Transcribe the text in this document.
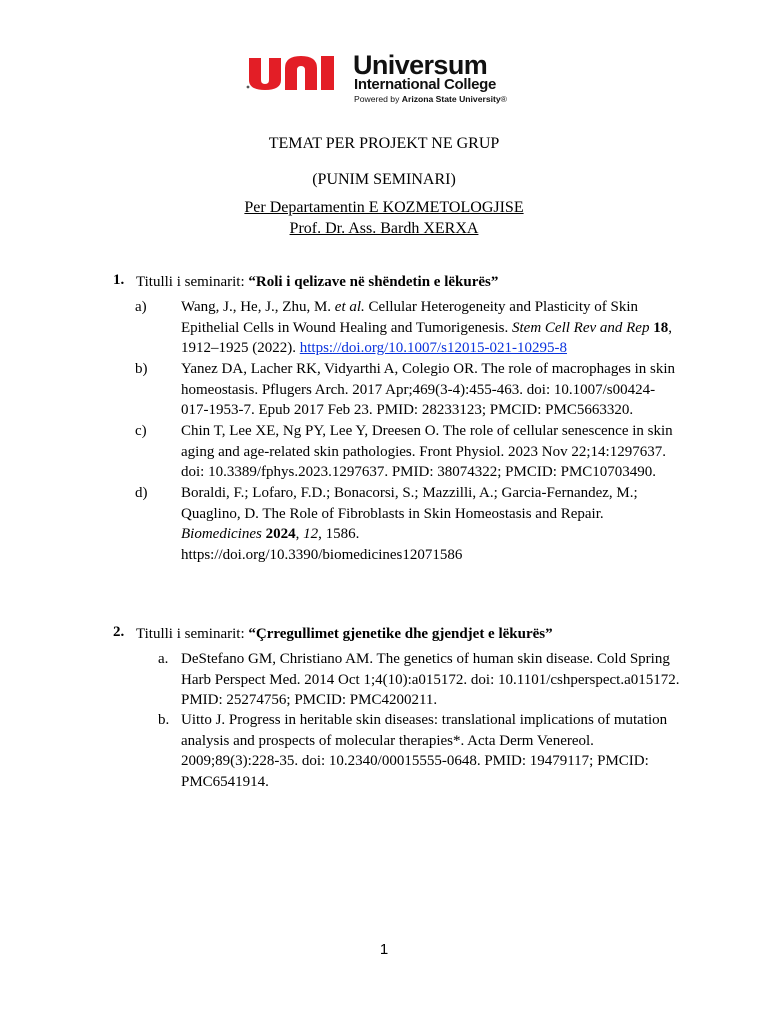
Universum
International College
Powered by Arizona State University®
TEMAT PER PROJEKT NE GRUP
(PUNIM SEMINARI)
Per Departamentin E KOZMETOLOGJISE
Prof. Dr. Ass. Bardh XERXA
1. Titulli i seminarit: “Roli i qelizave në shëndetin e lëkurës”
a) Wang, J., He, J., Zhu, M. et al. Cellular Heterogeneity and Plasticity of Skin Epithelial Cells in Wound Healing and Tumorigenesis. Stem Cell Rev and Rep 18, 1912–1925 (2022). https://doi.org/10.1007/s12015-021-10295-8
b) Yanez DA, Lacher RK, Vidyarthi A, Colegio OR. The role of macrophages in skin homeostasis. Pflugers Arch. 2017 Apr;469(3-4):455-463. doi: 10.1007/s00424-017-1953-7. Epub 2017 Feb 23. PMID: 28233123; PMCID: PMC5663320.
c) Chin T, Lee XE, Ng PY, Lee Y, Dreesen O. The role of cellular senescence in skin aging and age-related skin pathologies. Front Physiol. 2023 Nov 22;14:1297637. doi: 10.3389/fphys.2023.1297637. PMID: 38074322; PMCID: PMC10703490.
d) Boraldi, F.; Lofaro, F.D.; Bonacorsi, S.; Mazzilli, A.; Garcia-Fernandez, M.; Quaglino, D. The Role of Fibroblasts in Skin Homeostasis and Repair. Biomedicines 2024, 12, 1586.
https://doi.org/10.3390/biomedicines12071586
2. Titulli i seminarit: “Çrregullimet gjenetike dhe gjendjet e lëkurës”
a. DeStefano GM, Christiano AM. The genetics of human skin disease. Cold Spring Harb Perspect Med. 2014 Oct 1;4(10):a015172. doi: 10.1101/cshperspect.a015172. PMID: 25274756; PMCID: PMC4200211.
b. Uitto J. Progress in heritable skin diseases: translational implications of mutation analysis and prospects of molecular therapies*. Acta Derm Venereol. 2009;89(3):228-35. doi: 10.2340/00015555-0648. PMID: 19479117; PMCID: PMC6541914.
1
